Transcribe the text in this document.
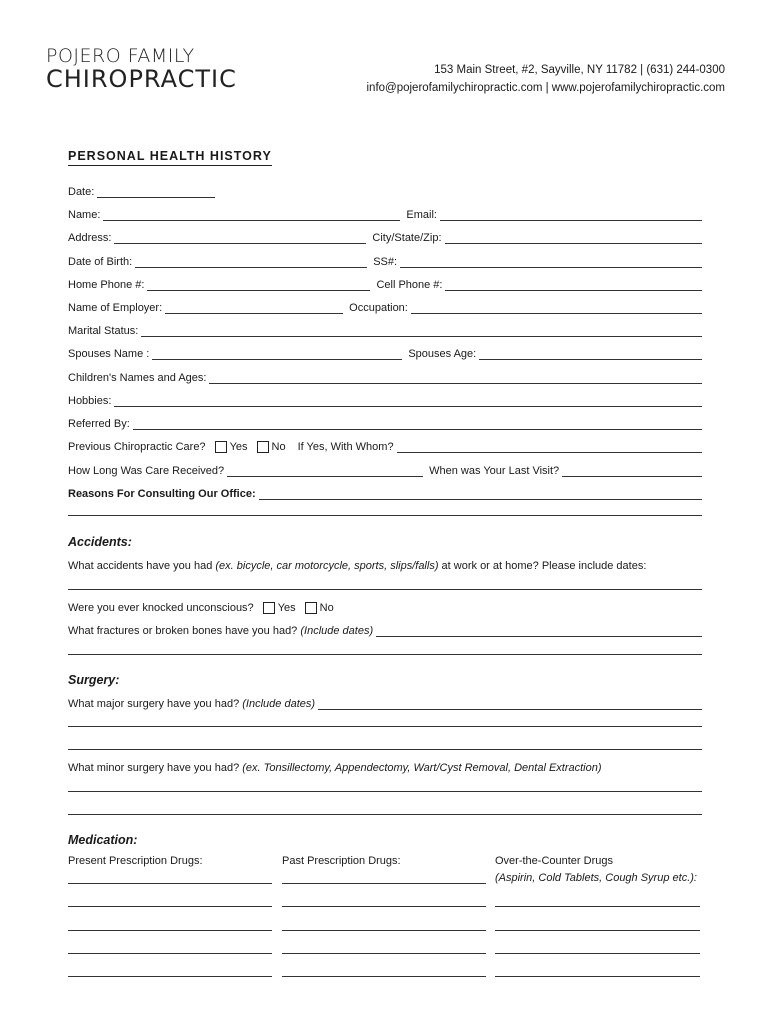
POJERO FAMILY
CHIROPRACTIC	153 Main Street, #2, Sayville, NY 11782 | (631) 244-0300
info@pojerofamilychiropractic.com | www.pojerofamilychiropractic.com
PERSONAL HEALTH HISTORY
Date:
Name:	Email:
Address:	City/State/Zip:
Date of Birth:	SS#:
Home Phone #:	Cell Phone #:
Name of Employer:	Occupation:
Marital Status:
Spouses Name :	Spouses Age:
Children's Names and Ages:
Hobbies:
Referred By:
Previous Chiropractic Care? Yes No If Yes, With Whom?
How Long Was Care Received?	When was Your Last Visit?
Reasons For Consulting Our Office:
Accidents:
What accidents have you had (ex. bicycle, car motorcycle, sports, slips/falls) at work or at home? Please include dates:
Were you ever knocked unconscious? Yes No
What fractures or broken bones have you had? (Include dates)
Surgery:
What major surgery have you had? (Include dates)
What minor surgery have you had? (ex. Tonsillectomy, Appendectomy, Wart/Cyst Removal, Dental Extraction)
Medication:
Present Prescription Drugs:	Past Prescription Drugs:	Over-the-Counter Drugs
(Aspirin, Cold Tablets, Cough Syrup etc.):
